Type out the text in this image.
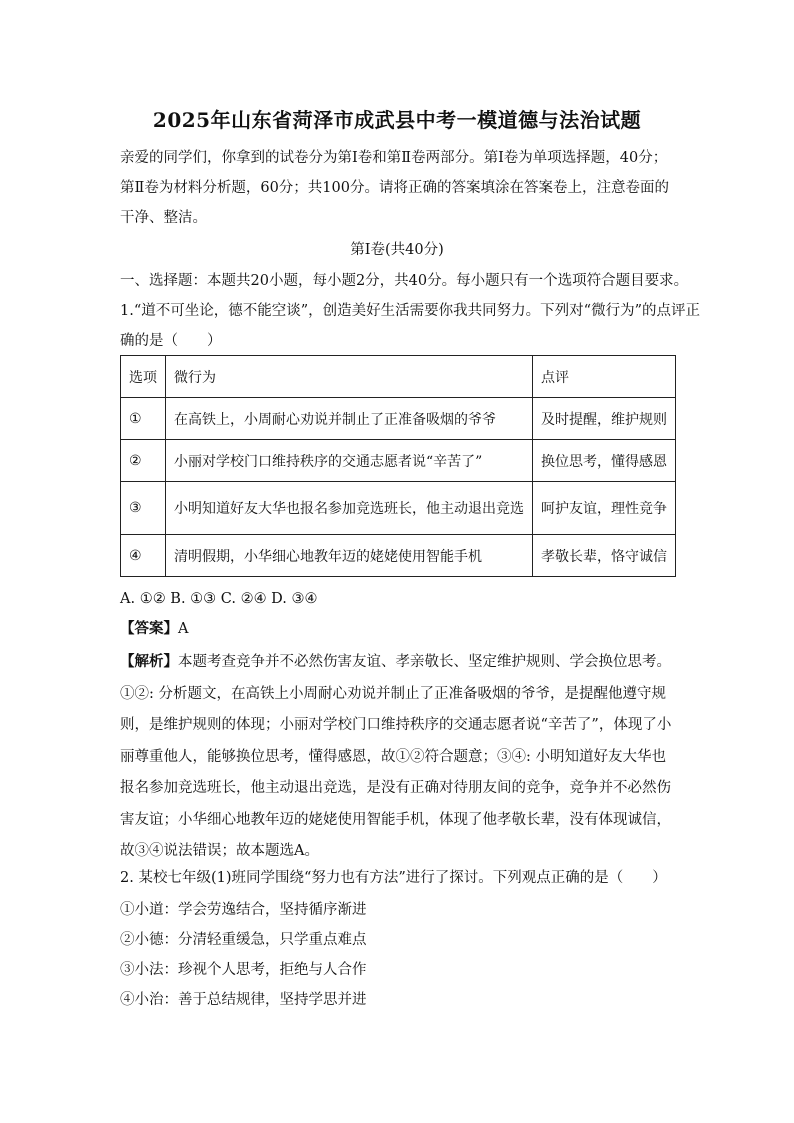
2025年山东省菏泽市成武县中考一模道德与法治试题
亲爱的同学们，你拿到的试卷分为第Ⅰ卷和第Ⅱ卷两部分。第Ⅰ卷为单项选择题，40分；第Ⅱ卷为材料分析题，60分；共100分。请将正确的答案填涂在答案卷上，注意卷面的干净、整洁。
第Ⅰ卷(共40分)
一、选择题：本题共20小题，每小题2分，共40分。每小题只有一个选项符合题目要求。
1.“道不可坐论，德不能空谈”，创造美好生活需要你我共同努力。下列对“微行为”的点评正
确的是（　　）
选项	微行为	点评
①	在高铁上，小周耐心劝说并制止了正准备吸烟的爷爷	及时提醒，维护规则
②	小丽对学校门口维持秩序的交通志愿者说“辛苦了”	换位思考，懂得感恩
③	小明知道好友大华也报名参加竞选班长，他主动退出竞选	呵护友谊，理性竞争
④	清明假期，小华细心地教年迈的姥姥使用智能手机	孝敬长辈，恪守诚信
A. ①② B. ①③ C. ②④ D. ③④
【答案】A
【解析】本题考查竞争并不必然伤害友谊、孝亲敬长、坚定维护规则、学会换位思考。①②: 分析题文，在高铁上小周耐心劝说并制止了正准备吸烟的爷爷，是提醒他遵守规则，是维护规则的体现；小丽对学校门口维持秩序的交通志愿者说“辛苦了”，体现了小丽尊重他人，能够换位思考，懂得感恩，故①②符合题意；③④: 小明知道好友大华也报名参加竞选班长，他主动退出竞选，是没有正确对待朋友间的竞争，竞争并不必然伤害友谊；小华细心地教年迈的姥姥使用智能手机，体现了他孝敬长辈，没有体现诚信，故③④说法错误；故本题选A。
2. 某校七年级(1)班同学围绕“努力也有方法”进行了探讨。下列观点正确的是（　　）
①小道：学会劳逸结合，坚持循序渐进
②小德：分清轻重缓急，只学重点难点
③小法：珍视个人思考，拒绝与人合作
④小治：善于总结规律，坚持学思并进
